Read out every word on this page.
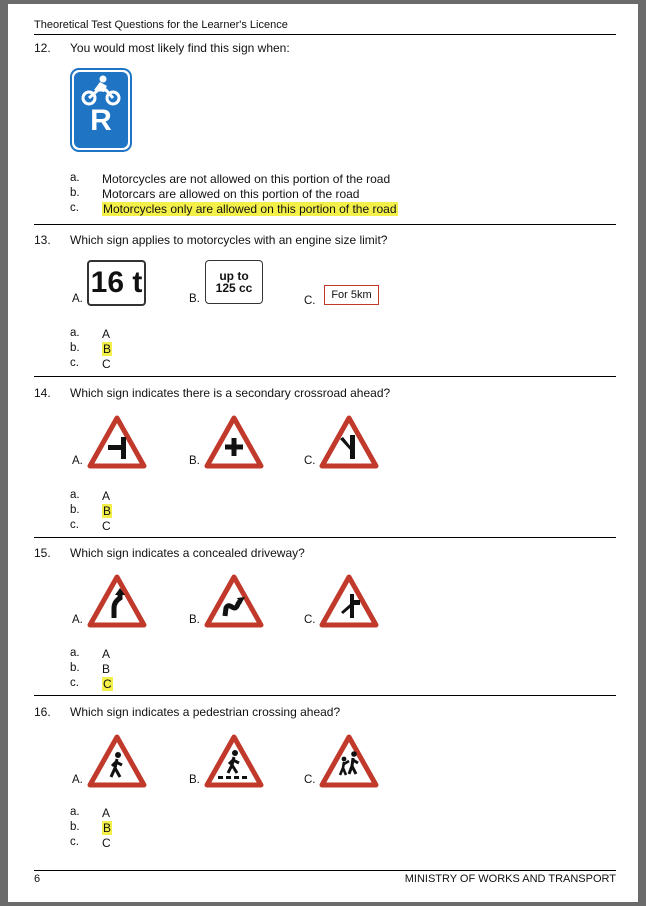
Theoretical Test Questions for the Learner's Licence
12. You would most likely find this sign when:
R
a. Motorcycles are not allowed on this portion of the road
b. Motorcars are allowed on this portion of the road
c. Motorcycles only are allowed on this portion of the road
13. Which sign applies to motorcycles with an engine size limit?
A. 16 t	B.
up to
125 cc
C.	For 5km
a. A
b. B
c. C
14. Which sign indicates there is a secondary crossroad ahead?
A.	B.	C.
a. A
b. B
c. C
15. Which sign indicates a concealed driveway?
A.	B.	C.
a. A
b. B
c. C
16. Which sign indicates a pedestrian crossing ahead?
A.	B.	C.
a. A
b. B
c. C
6	MINISTRY OF WORKS AND TRANSPORT
